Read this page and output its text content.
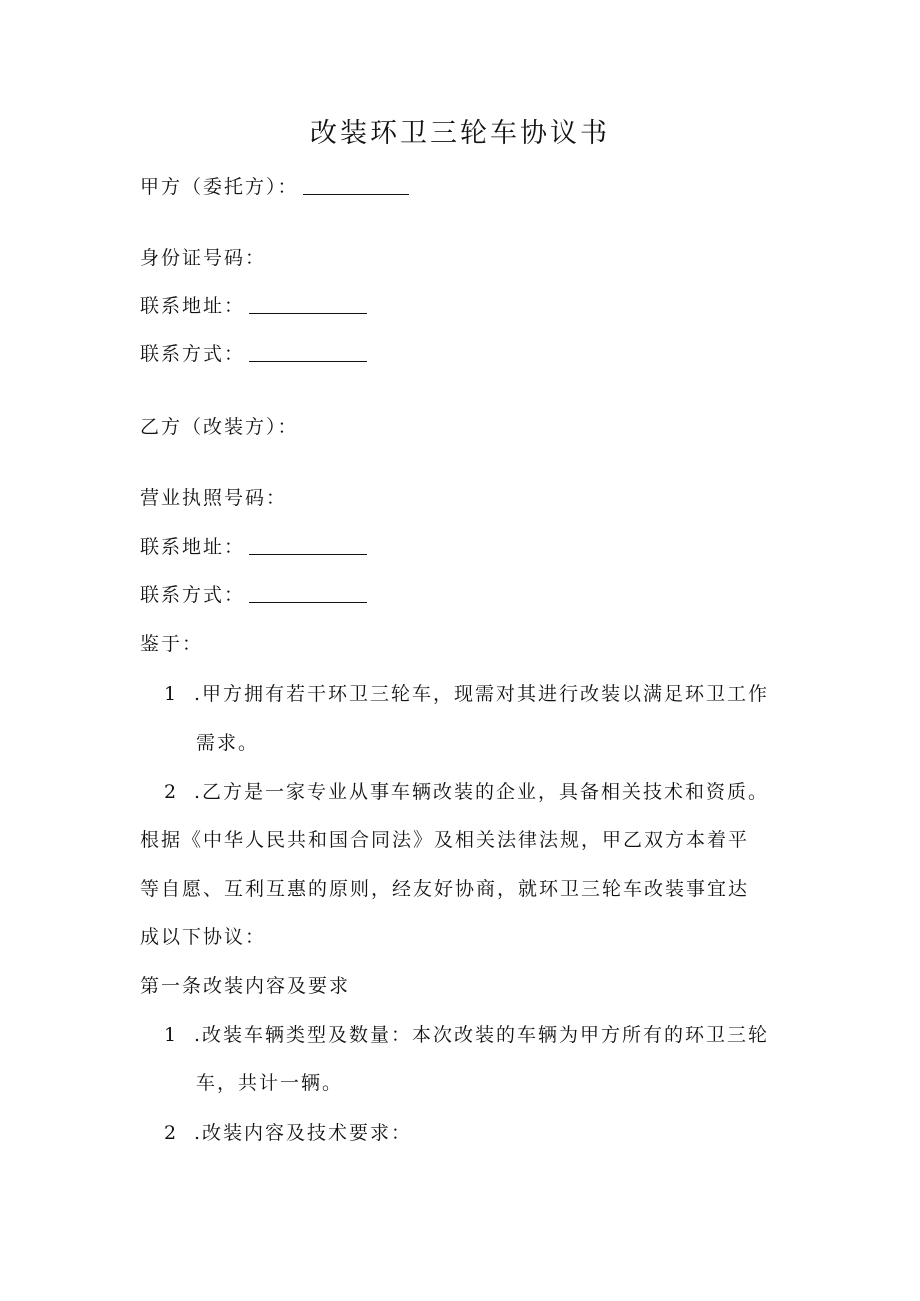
改装环卫三轮车协议书
甲方（委托方）：
身份证号码：
联系地址：
联系方式：
乙方（改装方）：
营业执照号码：
联系地址：
联系方式：
鉴于：
1 .甲方拥有若干环卫三轮车，现需对其进行改装以满足环卫工作
需求。
2 .乙方是一家专业从事车辆改装的企业，具备相关技术和资质。
根据《中华人民共和国合同法》及相关法律法规，甲乙双方本着平
等自愿、互利互惠的原则，经友好协商，就环卫三轮车改装事宜达
成以下协议：
第一条改装内容及要求
1 .改装车辆类型及数量：本次改装的车辆为甲方所有的环卫三轮
车，共计一辆。
2 .改装内容及技术要求：
